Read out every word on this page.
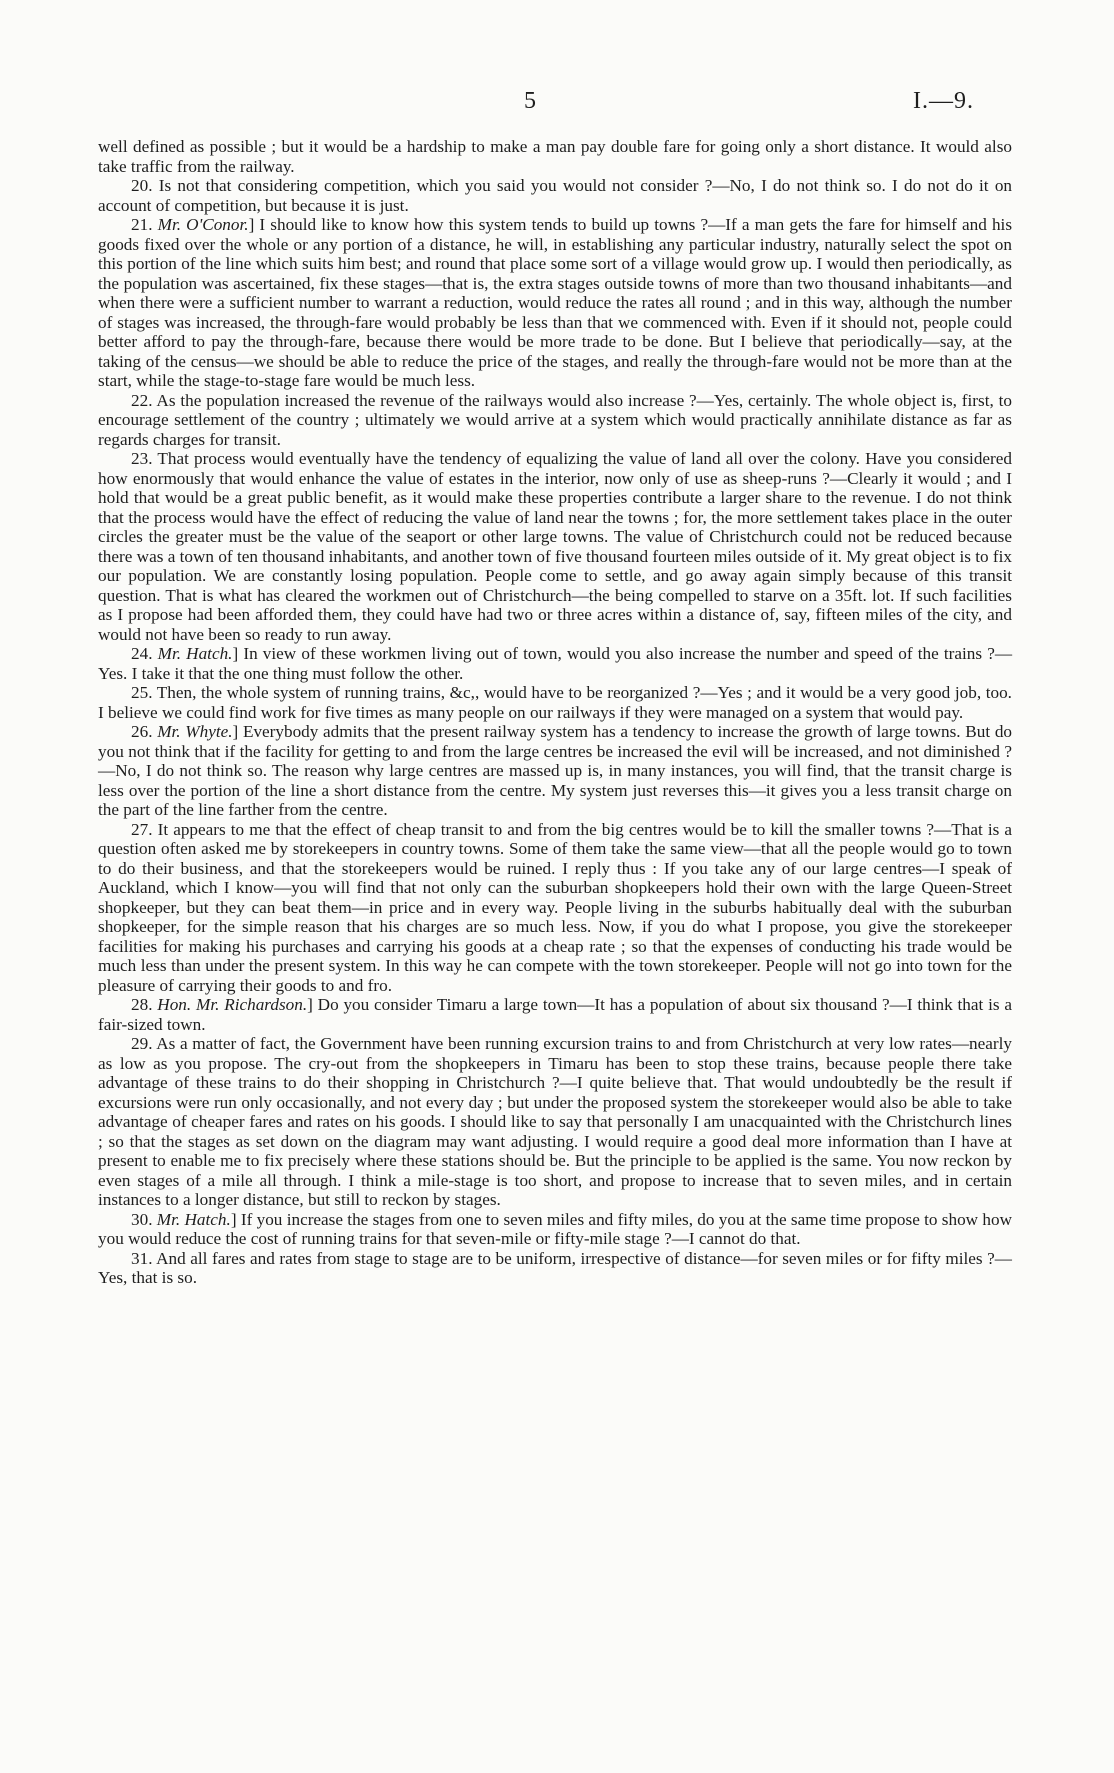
5	I.—9.

well defined as possible ; but it would be a hardship to make a man pay double fare for going only a short distance. It would also take traffic from the railway.

20. Is not that considering competition, which you said you would not consider ?—No, I do not think so. I do not do it on account of competition, but because it is just.

21. Mr. O'Conor.] I should like to know how this system tends to build up towns ?—If a man gets the fare for himself and his goods fixed over the whole or any portion of a distance, he will, in establishing any particular industry, naturally select the spot on this portion of the line which suits him best; and round that place some sort of a village would grow up. I would then periodically, as the population was ascertained, fix these stages—that is, the extra stages outside towns of more than two thousand inhabitants—and when there were a sufficient number to warrant a reduction, would reduce the rates all round ; and in this way, although the number of stages was increased, the through-fare would probably be less than that we commenced with. Even if it should not, people could better afford to pay the through-fare, because there would be more trade to be done. But I believe that periodically—say, at the taking of the census—we should be able to reduce the price of the stages, and really the through-fare would not be more than at the start, while the stage-to-stage fare would be much less.

22. As the population increased the revenue of the railways would also increase ?—Yes, certainly. The whole object is, first, to encourage settlement of the country ; ultimately we would arrive at a system which would practically annihilate distance as far as regards charges for transit.

23. That process would eventually have the tendency of equalizing the value of land all over the colony. Have you considered how enormously that would enhance the value of estates in the interior, now only of use as sheep-runs ?—Clearly it would ; and I hold that would be a great public benefit, as it would make these properties contribute a larger share to the revenue. I do not think that the process would have the effect of reducing the value of land near the towns ; for, the more settlement takes place in the outer circles the greater must be the value of the seaport or other large towns. The value of Christchurch could not be reduced because there was a town of ten thousand inhabitants, and another town of five thousand fourteen miles outside of it. My great object is to fix our population. We are constantly losing population. People come to settle, and go away again simply because of this transit question. That is what has cleared the workmen out of Christchurch—the being compelled to starve on a 35ft. lot. If such facilities as I propose had been afforded them, they could have had two or three acres within a distance of, say, fifteen miles of the city, and would not have been so ready to run away.

24. Mr. Hatch.] In view of these workmen living out of town, would you also increase the number and speed of the trains ?—Yes. I take it that the one thing must follow the other.

25. Then, the whole system of running trains, &c,, would have to be reorganized ?—Yes ; and it would be a very good job, too. I believe we could find work for five times as many people on our railways if they were managed on a system that would pay.

26. Mr. Whyte.] Everybody admits that the present railway system has a tendency to increase the growth of large towns. But do you not think that if the facility for getting to and from the large centres be increased the evil will be increased, and not diminished ?—No, I do not think so. The reason why large centres are massed up is, in many instances, you will find, that the transit charge is less over the portion of the line a short distance from the centre. My system just reverses this—it gives you a less transit charge on the part of the line farther from the centre.

27. It appears to me that the effect of cheap transit to and from the big centres would be to kill the smaller towns ?—That is a question often asked me by storekeepers in country towns. Some of them take the same view—that all the people would go to town to do their business, and that the storekeepers would be ruined. I reply thus : If you take any of our large centres—I speak of Auckland, which I know—you will find that not only can the suburban shopkeepers hold their own with the large Queen-Street shopkeeper, but they can beat them—in price and in every way. People living in the suburbs habitually deal with the suburban shopkeeper, for the simple reason that his charges are so much less. Now, if you do what I propose, you give the storekeeper facilities for making his purchases and carrying his goods at a cheap rate ; so that the expenses of conducting his trade would be much less than under the present system. In this way he can compete with the town storekeeper. People will not go into town for the pleasure of carrying their goods to and fro.

28. Hon. Mr. Richardson.] Do you consider Timaru a large town—It has a population of about six thousand ?—I think that is a fair-sized town.

29. As a matter of fact, the Government have been running excursion trains to and from Christchurch at very low rates—nearly as low as you propose. The cry-out from the shopkeepers in Timaru has been to stop these trains, because people there take advantage of these trains to do their shopping in Christchurch ?—I quite believe that. That would undoubtedly be the result if excursions were run only occasionally, and not every day ; but under the proposed system the storekeeper would also be able to take advantage of cheaper fares and rates on his goods. I should like to say that personally I am unacquainted with the Christchurch lines ; so that the stages as set down on the diagram may want adjusting. I would require a good deal more information than I have at present to enable me to fix precisely where these stations should be. But the principle to be applied is the same. You now reckon by even stages of a mile all through. I think a mile-stage is too short, and propose to increase that to seven miles, and in certain instances to a longer distance, but still to reckon by stages.

30. Mr. Hatch.] If you increase the stages from one to seven miles and fifty miles, do you at the same time propose to show how you would reduce the cost of running trains for that seven-mile or fifty-mile stage ?—I cannot do that.

31. And all fares and rates from stage to stage are to be uniform, irrespective of distance—for seven miles or for fifty miles ?—Yes, that is so.
